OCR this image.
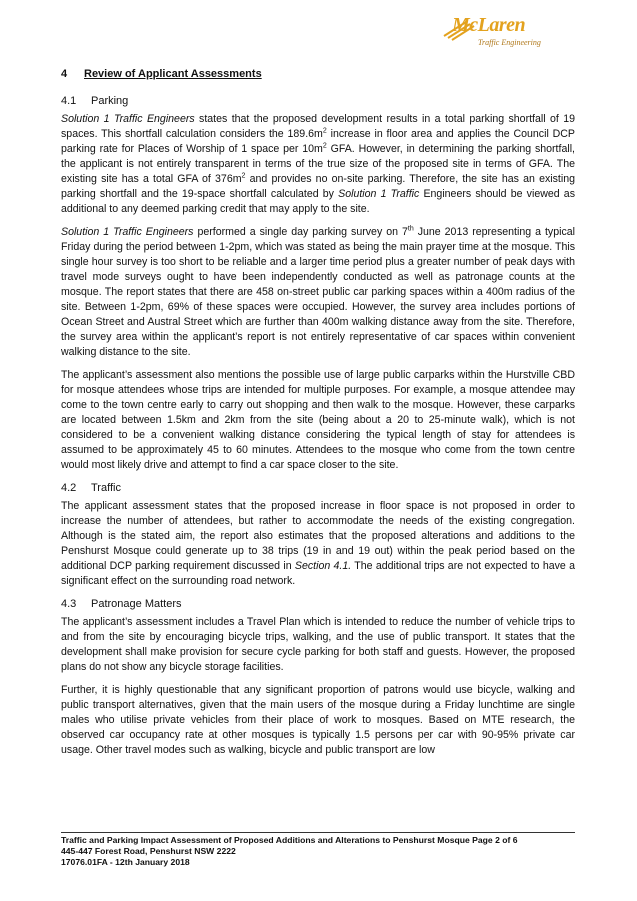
McLaren
Traffic Engineering
4	Review of Applicant Assessments
4.1	Parking

Solution 1 Traffic Engineers states that the proposed development results in a total parking shortfall of 19 spaces. This shortfall calculation considers the $189.6m^2$ increase in floor area and applies the Council DCP parking rate for Places of Worship of 1 space per $10m^2$ GFA. However, in determining the parking shortfall, the applicant is not entirely transparent in terms of the true size of the proposed site in terms of GFA. The existing site has a total GFA of $376m^2$ and provides no on-site parking. Therefore, the site has an existing parking shortfall and the 19-space shortfall calculated by Solution 1 Traffic Engineers should be viewed as additional to any deemed parking credit that may apply to the site.

Solution 1 Traffic Engineers performed a single day parking survey on 7th June 2013 representing a typical Friday during the period between 1-2pm, which was stated as being the main prayer time at the mosque. This single hour survey is too short to be reliable and a larger time period plus a greater number of peak days with travel mode surveys ought to have been independently conducted as well as patronage counts at the mosque. The report states that there are 458 on-street public car parking spaces within a 400m radius of the site. Between 1-2pm, 69% of these spaces were occupied. However, the survey area includes portions of Ocean Street and Austral Street which are further than 400m walking distance away from the site. Therefore, the survey area within the applicant’s report is not entirely representative of car spaces within convenient walking distance to the site.

The applicant’s assessment also mentions the possible use of large public carparks within the Hurstville CBD for mosque attendees whose trips are intended for multiple purposes. For example, a mosque attendee may come to the town centre early to carry out shopping and then walk to the mosque. However, these carparks are located between 1.5km and 2km from the site (being about a 20 to 25-minute walk), which is not considered to be a convenient walking distance considering the typical length of stay for attendees is assumed to be approximately 45 to 60 minutes. Attendees to the mosque who come from the town centre would most likely drive and attempt to find a car space closer to the site.

4.2	Traffic

The applicant assessment states that the proposed increase in floor space is not proposed in order to increase the number of attendees, but rather to accommodate the needs of the existing congregation. Although is the stated aim, the report also estimates that the proposed alterations and additions to the Penshurst Mosque could generate up to 38 trips (19 in and 19 out) within the peak period based on the additional DCP parking requirement discussed in Section 4.1. The additional trips are not expected to have a significant effect on the surrounding road network.

4.3	Patronage Matters

The applicant’s assessment includes a Travel Plan which is intended to reduce the number of vehicle trips to and from the site by encouraging bicycle trips, walking, and the use of public transport. It states that the development shall make provision for secure cycle parking for both staff and guests. However, the proposed plans do not show any bicycle storage facilities.

Further, it is highly questionable that any significant proportion of patrons would use bicycle, walking and public transport alternatives, given that the main users of the mosque during a Friday lunchtime are single males who utilise private vehicles from their place of work to mosques. Based on MTE research, the observed car occupancy rate at other mosques is typically 1.5 persons per car with 90-95% private car usage. Other travel modes such as walking, bicycle and public transport are low

Traffic and Parking Impact Assessment of Proposed Additions and Alterations to Penshurst Mosque Page 2 of 6
445-447 Forest Road, Penshurst NSW 2222
17076.01FA - 12th January 2018
